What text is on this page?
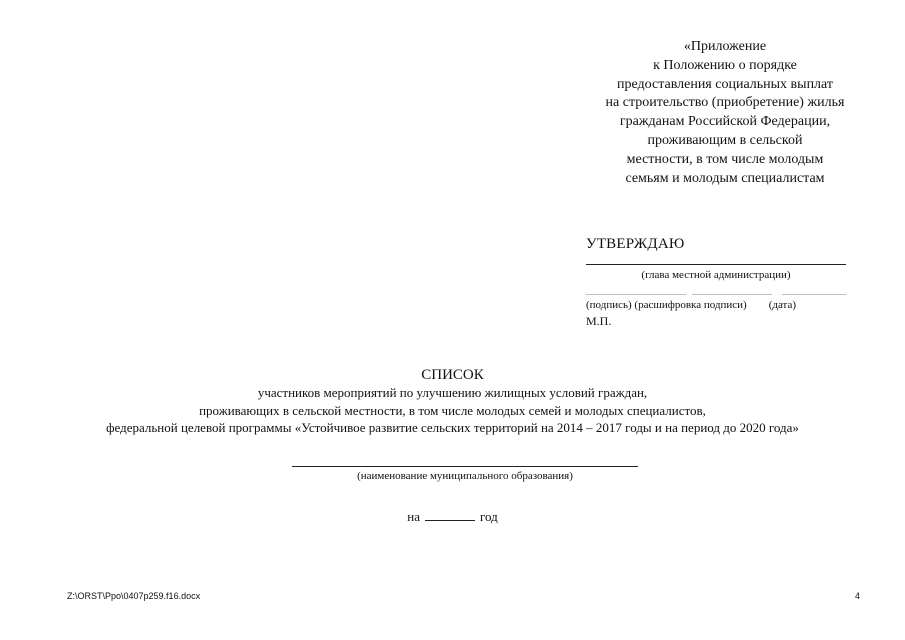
«Приложение
к Положению о порядке
предоставления социальных выплат
на строительство (приобретение) жилья
гражданам Российской Федерации,
проживающим в сельской
местности, в том числе молодым
семьям и молодым специалистам
УТВЕРЖДАЮ
(глава местной администрации)
(подпись) (расшифровка подписи) (дата)
М.П.
СПИСОК
участников мероприятий по улучшению жилищных условий граждан,
проживающих в сельской местности, в том числе молодых семей и молодых специалистов,
федеральной целевой программы «Устойчивое развитие сельских территорий на 2014 – 2017 годы и на период до 2020 года»
(наименование муниципального образования)
на	год
Z:\ORST\Ppo\0407p259.f16.docx	4
